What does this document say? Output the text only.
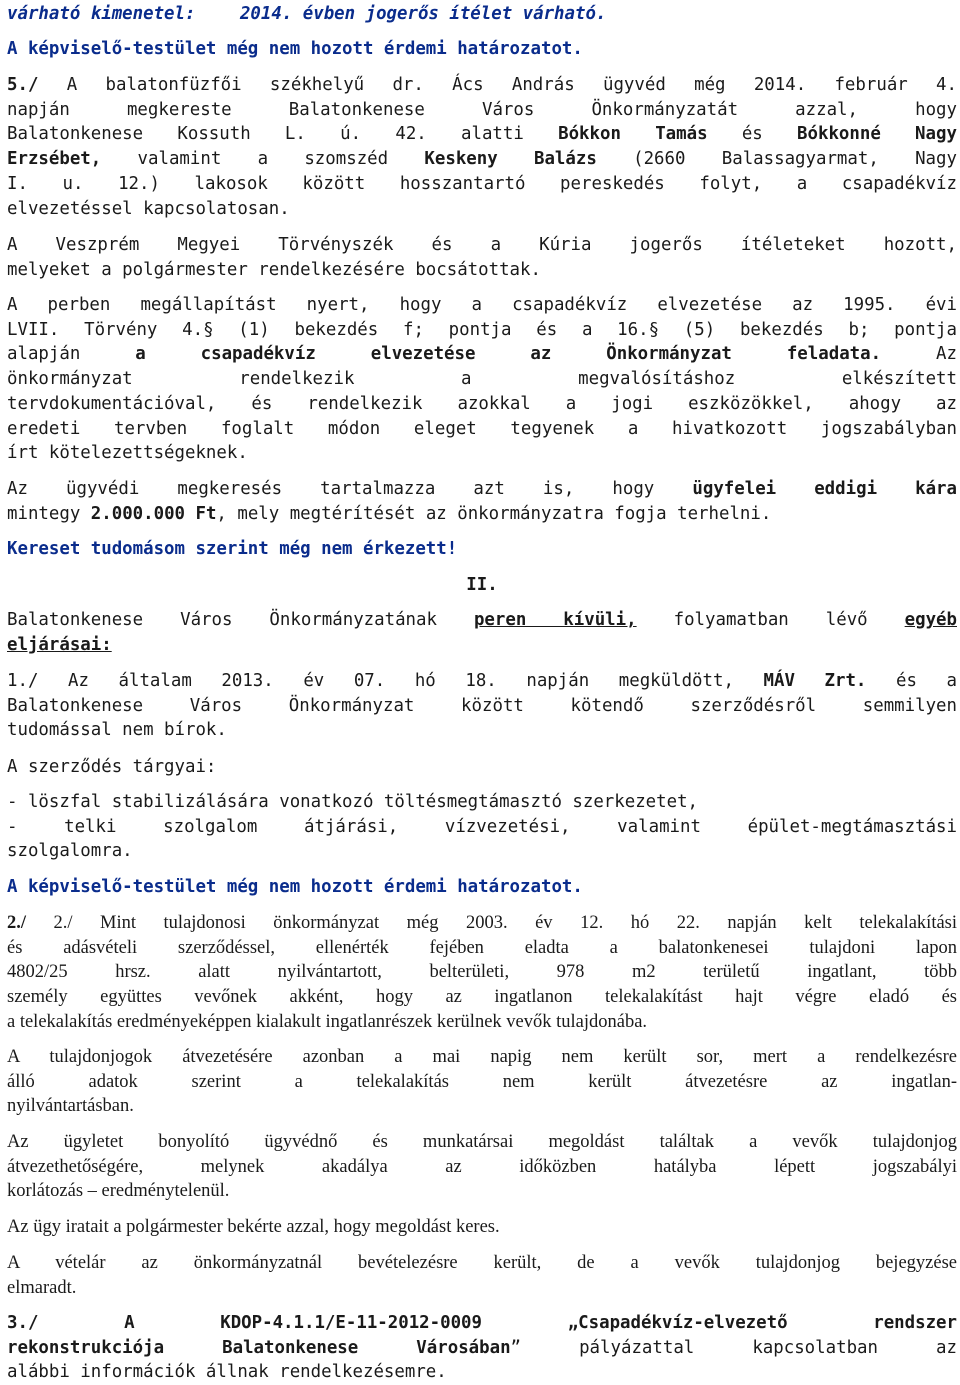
várható kimenetel:	2014. évben jogerős ítélet várható.
A képviselő-testület még nem hozott érdemi határozatot.
5./ A balatonfüzfői székhelyű dr. Ács András ügyvéd még 2014. február 4.
napján megkereste Balatonkenese Város Önkormányzatát azzal, hogy
Balatonkenese Kossuth L. ú. 42. alatti Bókkon Tamás és Bókkonné Nagy
Erzsébet, valamint a szomszéd Keskeny Balázs (2660 Balassagyarmat, Nagy
I. u. 12.) lakosok között hosszantartó pereskedés folyt, a csapadékvíz
elvezetéssel kapcsolatosan.
A Veszprém Megyei Törvényszék és a Kúria jogerős ítéleteket hozott,
melyeket a polgármester rendelkezésére bocsátottak.
A perben megállapítást nyert, hogy a csapadékvíz elvezetése az 1995. évi
LVII. Törvény 4.§ (1) bekezdés f; pontja és a 16.§ (5) bekezdés b; pontja
alapján	a csapadékvíz elvezetése az Önkormányzat feladata.	Az
önkormányzat rendelkezik a megvalósításhoz elkészített
tervdokumentációval, és rendelkezik azokkal a jogi eszközökkel, ahogy az
eredeti tervben foglalt módon eleget tegyenek a hivatkozott jogszabályban
írt kötelezettségeknek.
Az ügyvédi megkeresés tartalmazza azt is, hogy ügyfelei eddigi kára
mintegy 2.000.000 Ft, mely megtérítését az önkormányzatra fogja terhelni.
Kereset tudomásom szerint még nem érkezett!
II.
Balatonkenese Város Önkormányzatának peren kívüli, folyamatban lévő egyéb
eljárásai:
1./ Az általam 2013. év 07. hó 18. napján megküldött, MÁV Zrt. és a
Balatonkenese Város Önkormányzat között kötendő szerződésről semmilyen
tudomással nem bírok.
A szerződés tárgyai:
- löszfal stabilizálására vonatkozó töltésmegtámasztó szerkezetet,
- telki szolgalom átjárási, vízvezetési, valamint épület-megtámasztási
szolgalomra.
A képviselő-testület még nem hozott érdemi határozatot.
2./ 2./ Mint tulajdonosi önkormányzat még 2003. év 12. hó 22. napján kelt telekalakítási
és adásvételi szerződéssel, ellenérték fejében eladta a balatonkenesei tulajdoni lapon
4802/25 hrsz. alatt nyilvántartott, belterületi, 978 m2 területű ingatlant, több
személy együttes vevőnek akként, hogy az ingatlanon telekalakítást hajt végre eladó és
a telekalakítás eredményeképpen kialakult ingatlanrészek kerülnek vevők tulajdonába.
A tulajdonjogok átvezetésére azonban a mai napig nem került sor, mert a rendelkezésre
álló adatok szerint a telekalakítás nem került átvezetésre az ingatlan-
nyilvántartásban.
Az ügyletet bonyolító ügyvédnő és munkatársai megoldást találtak a vevők tulajdonjog
átvezethetőségére, melynek akadálya az időközben hatályba lépett jogszabályi
korlátozás – eredménytelenül.
Az ügy iratait a polgármester bekérte azzal, hogy megoldást keres.
A vételár az önkormányzatnál bevételezésre került, de a vevők tulajdonjog bejegyzése
elmaradt.
3./ A KDOP-4.1.1/E-11-2012-0009	„Csapadékvíz-elvezető rendszer
rekonstrukciója Balatonkenese Városában” pályázattal kapcsolatban az
alábbi információk állnak rendelkezésemre.
